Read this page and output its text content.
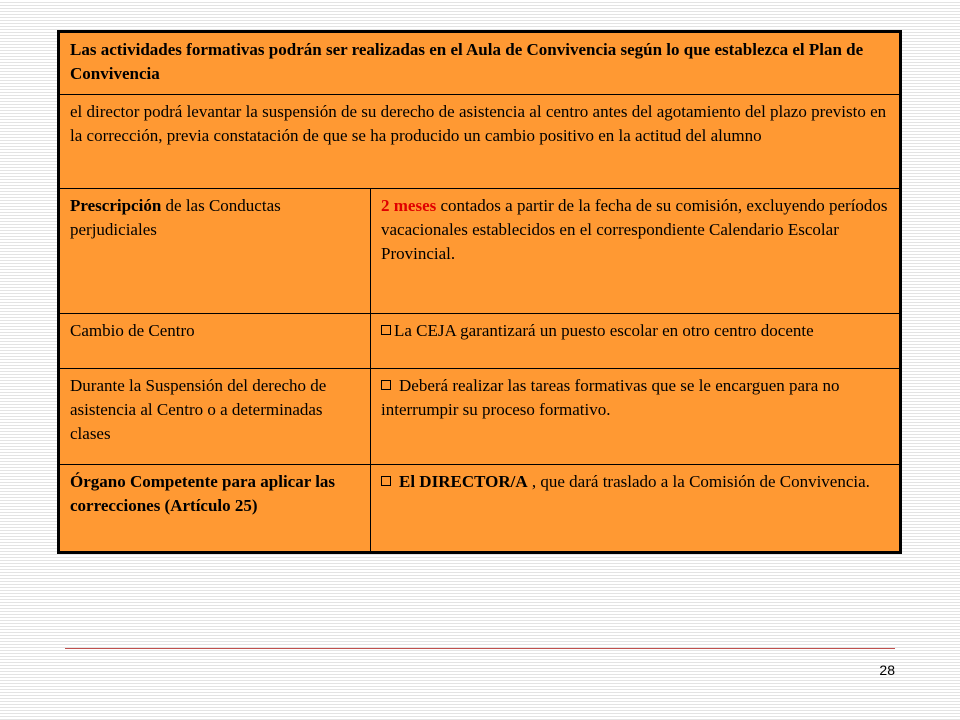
Las actividades formativas podrán ser realizadas en el Aula de Convivencia según lo que establezca el Plan de Convivencia	
el director podrá levantar la suspensión de su derecho de asistencia al centro antes del agotamiento del plazo previsto en la corrección, previa constatación de que se ha producido un cambio positivo en la actitud del alumno	
Prescripción de las Conductas perjudiciales	2 meses contados a partir de la fecha de su comisión, excluyendo períodos vacacionales establecidos en el correspondiente Calendario Escolar Provincial.
Cambio de Centro	La CEJA garantizará un puesto escolar en otro centro docente
Durante la Suspensión del derecho de asistencia al Centro o a determinadas clases	Deberá realizar las tareas formativas que se le encarguen para no interrumpir su proceso formativo.
Órgano Competente para aplicar las correcciones (Artículo 25)	El DIRECTOR/A , que dará traslado a la Comisión de Convivencia.
28
